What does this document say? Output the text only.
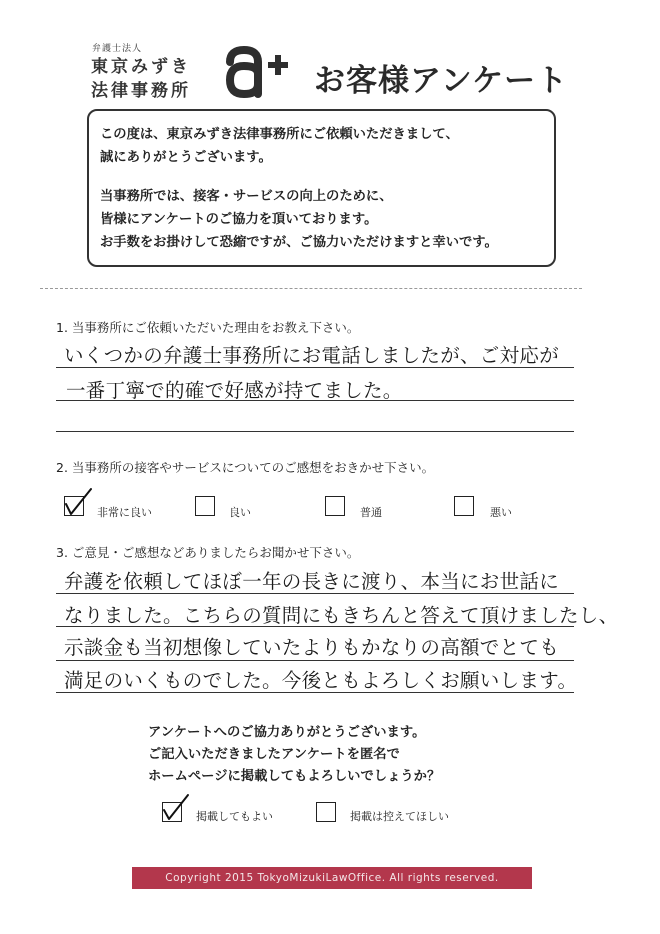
弁護士法人
東京みずき
法律事務所
a+
お客様アンケート

この度は、東京みずき法律事務所にご依頼いただきまして、

誠にありがとうございます。

当事務所では、接客・サービスの向上のために、

皆様にアンケートのご協力を頂いております。

お手数をお掛けして恐縮ですが、ご協力いただけますと幸いです。

1. 当事務所にご依頼いただいた理由をお教え下さい。
いくつかの弁護士事務所にお電話しましたが、ご対応が
一番丁寧で的確で好感が持てました。
2. 当事務所の接客やサービスについてのご感想をおきかせ下さい。
非常に良い	良い	普通	悪い
3. ご意見・ご感想などありましたらお聞かせ下さい。
弁護を依頼してほぼ一年の長きに渡り、本当にお世話に
なりました。こちらの質問にもきちんと答えて頂けましたし、
示談金も当初想像していたよりもかなりの高額でとても
満足のいくものでした。今後ともよろしくお願いします。

アンケートへのご協力ありがとうございます。

ご記入いただきましたアンケートを匿名で

ホームページに掲載してもよろしいでしょうか？

掲載してもよい	掲載は控えてほしい
Copyright 2015 TokyoMizukiLawOffice. All rights reserved.
